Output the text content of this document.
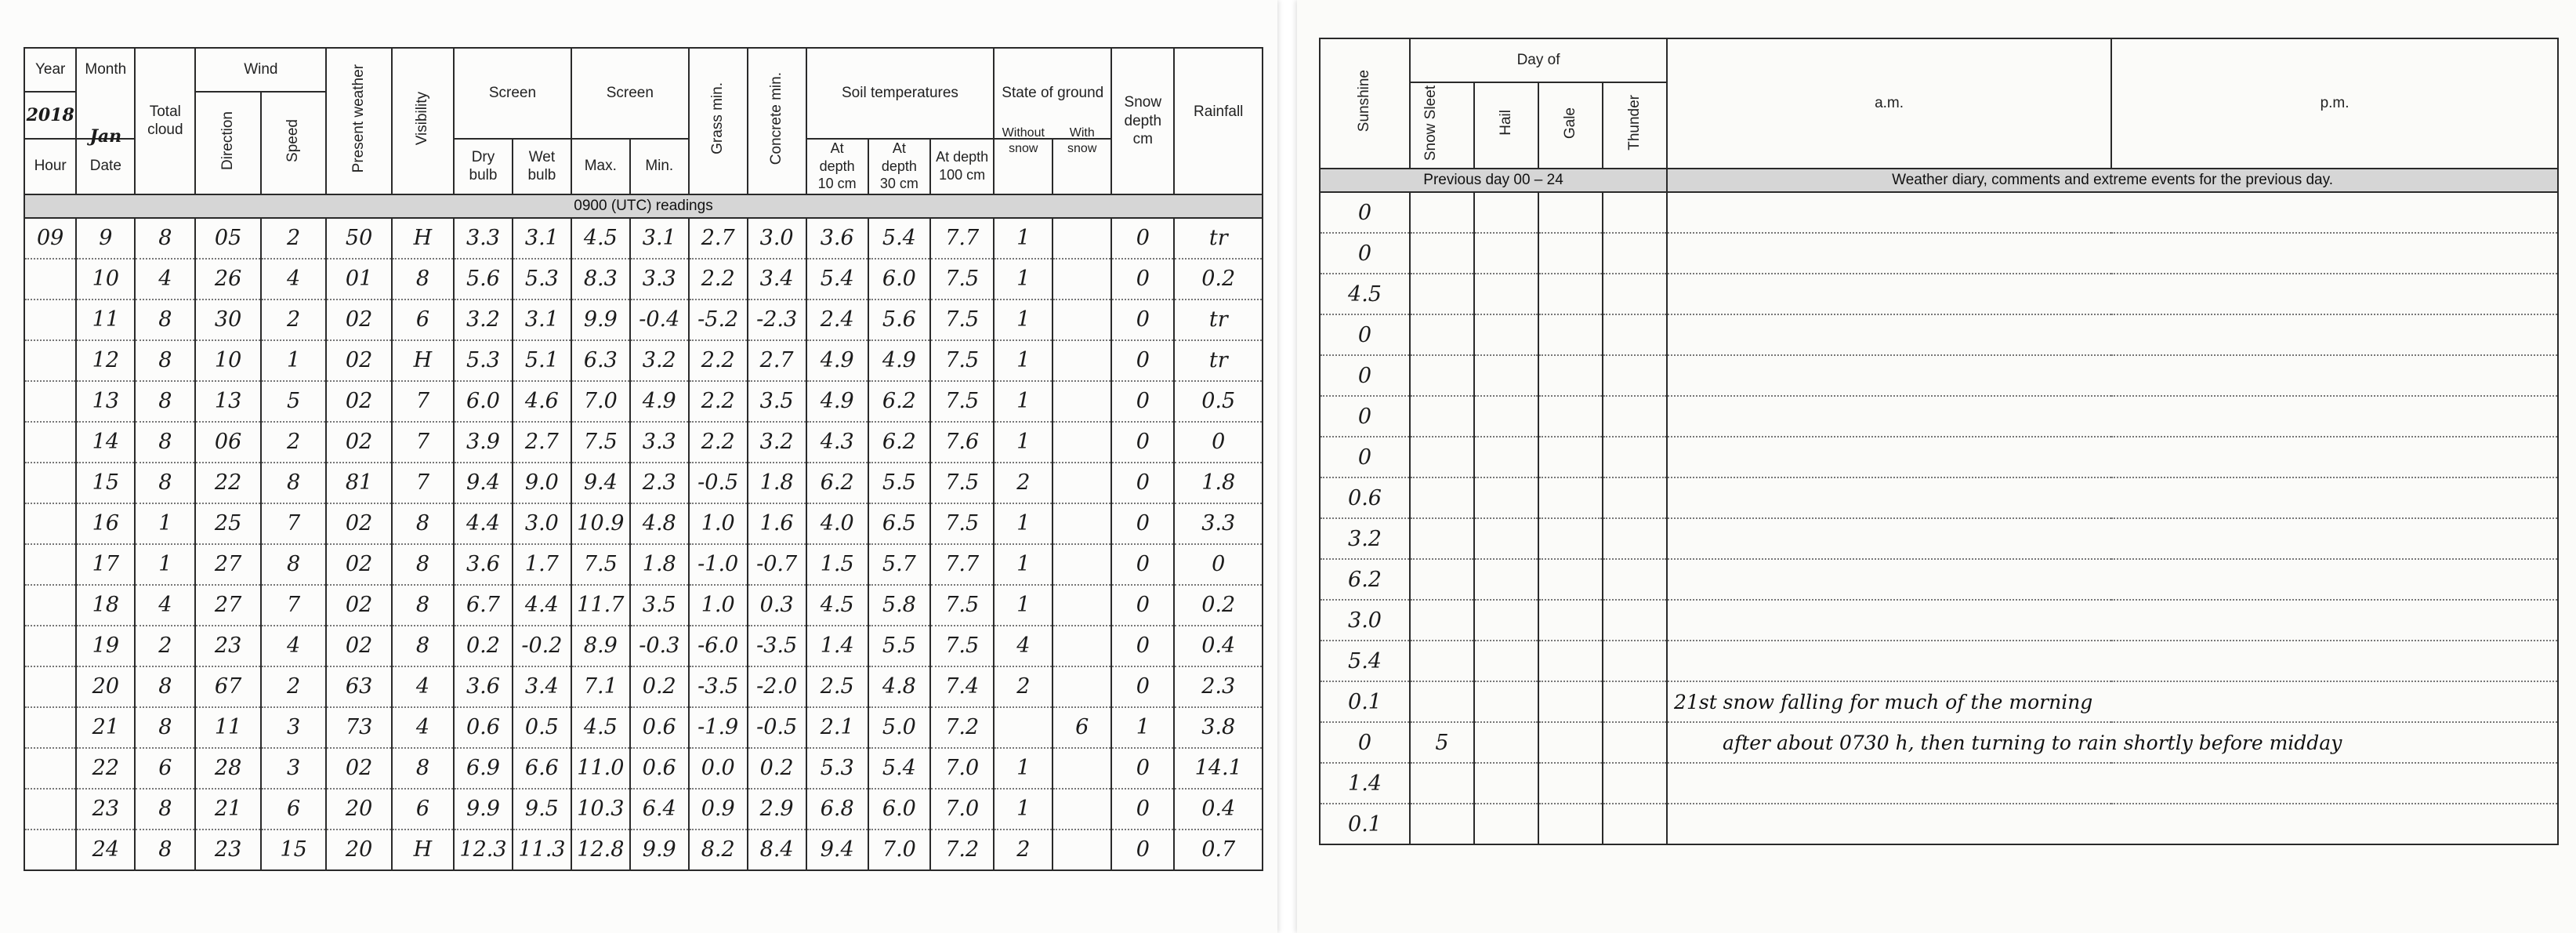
Year	Month	Total cloud	Wind		Present weather	Visibility	Screen		Screen		Grass min.	Concrete min.	Soil temperatures			State of ground		Snow depth cm	Rainfall
2018			Direction	Speed															
Hour	Jan
Date						Dry bulb	Wet bulb	Max.	Min.			At depth 10 cm	At depth 30 cm	At depth 100 cm	Without snow	With snow		
0900 (UTC) readings																			
09	9	8	05	2	50	H	3.3	3.1	4.5	3.1	2.7	3.0	3.6	5.4	7.7	1		0	tr
	10	4	26	4	01	8	5.6	5.3	8.3	3.3	2.2	3.4	5.4	6.0	7.5	1		0	0.2
	11	8	30	2	02	6	3.2	3.1	9.9	-0.4	-5.2	-2.3	2.4	5.6	7.5	1		0	tr
	12	8	10	1	02	H	5.3	5.1	6.3	3.2	2.2	2.7	4.9	4.9	7.5	1		0	tr
	13	8	13	5	02	7	6.0	4.6	7.0	4.9	2.2	3.5	4.9	6.2	7.5	1		0	0.5
	14	8	06	2	02	7	3.9	2.7	7.5	3.3	2.2	3.2	4.3	6.2	7.6	1		0	0
	15	8	22	8	81	7	9.4	9.0	9.4	2.3	-0.5	1.8	6.2	5.5	7.5	2		0	1.8
	16	1	25	7	02	8	4.4	3.0	10.9	4.8	1.0	1.6	4.0	6.5	7.5	1		0	3.3
	17	1	27	8	02	8	3.6	1.7	7.5	1.8	-1.0	-0.7	1.5	5.7	7.7	1		0	0
	18	4	27	7	02	8	6.7	4.4	11.7	3.5	1.0	0.3	4.5	5.8	7.5	1		0	0.2
	19	2	23	4	02	8	0.2	-0.2	8.9	-0.3	-6.0	-3.5	1.4	5.5	7.5	4		0	0.4
	20	8	67	2	63	4	3.6	3.4	7.1	0.2	-3.5	-2.0	2.5	4.8	7.4	2		0	2.3
	21	8	11	3	73	4	0.6	0.5	4.5	0.6	-1.9	-0.5	2.1	5.0	7.2		6	1	3.8
	22	6	28	3	02	8	6.9	6.6	11.0	0.6	0.0	0.2	5.3	5.4	7.0	1		0	14.1
	23	8	21	6	20	6	9.9	9.5	10.3	6.4	0.9	2.9	6.8	6.0	7.0	1		0	0.4
	24	8	23	15	20	H	12.3	11.3	12.8	9.9	8.2	8.4	9.4	7.0	7.2	2		0	0.7
Sunshine	Day of				a.m.	p.m.
	Snow Sleet	Hail	Gale	Thunder		
Previous day 00 – 24					Weather diary, comments and extreme events for the previous day.	
0						
0						
4.5						
0						
0						
0						
0						
0.6						
3.2						
6.2						
3.0						
5.4						
0.1					21st snow falling for much of the morning	
0	5				after about 0730 h, then turning to rain shortly before midday	
1.4						
0.1						
